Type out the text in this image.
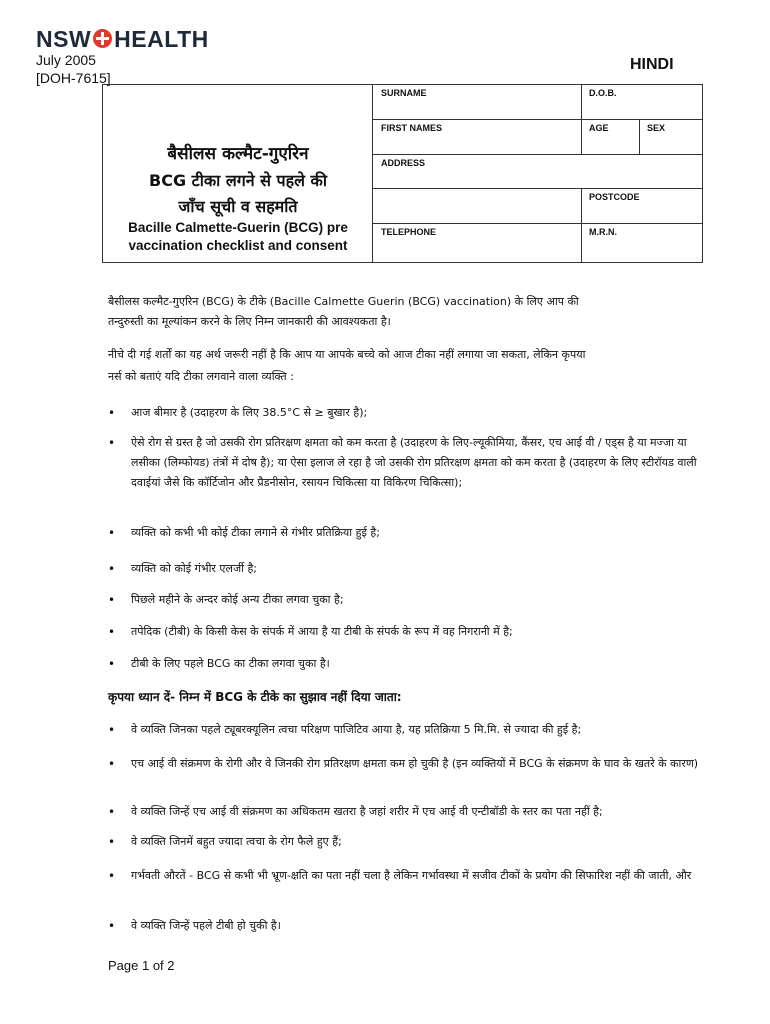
NSW HEALTH
July 2005
[DOH-7615]
HINDI
बैसीलस कल्मैट-गुएरिन
BCG टीका लगने से पहले की
जाँच सूची व सहमति
Bacille Calmette-Guerin (BCG) pre vaccination checklist and consent
SURNAME	D.O.B.
FIRST NAMES	AGE	SEX
ADDRESS
POSTCODE
TELEPHONE	M.R.N.
बैसीलस कल्मैट-गुएरिन (BCG) के टीके (Bacille Calmette Guerin (BCG) vaccination) के लिए आप की
तन्दुरुस्ती का मूल्यांकन करने के लिए निम्न जानकारी की आवश्यकता है।
नीचे दी गई शर्तों का यह अर्थ जरूरी नहीं है कि आप या आपके बच्चे को आज टीका नहीं लगाया जा सकता, लेकिन कृपया
नर्स को बताएं यदि टीका लगवाने वाला व्यक्ति :
• आज बीमार है (उदाहरण के लिए 38.5°C से ≥ बुखार है);
• ऐसे रोग से ग्रस्त है जो उसकी रोग प्रतिरक्षण क्षमता को कम करता है (उदाहरण के लिए-ल्यूकीमिया, कैंसर, एच आई वी / एड्स है या मज्जा या लसीका (लिम्फोयड) तंत्रों में दोष है); या ऐसा इलाज ले रहा है जो उसकी रोग प्रतिरक्षण क्षमता को कम करता है (उदाहरण के लिए स्टीरॉयड वाली दवाईयां जैसे कि कॉर्टिजोन और प्रैडनीसोन, रसायन चिकित्सा या विकिरण चिकित्सा);
• व्यक्ति को कभी भी कोई टीका लगाने से गंभीर प्रतिक्रिया हुई है;
• व्यक्ति को कोई गंभीर एलर्जी है;
• पिछले महीने के अन्दर कोई अन्य टीका लगवा चुका है;
• तपेदिक (टीबी) के किसी केस के संपर्क में आया है या टीबी के संपर्क के रूप में वह निगरानी में है;
• टीबी के लिए पहले BCG का टीका लगवा चुका है।
कृपया ध्यान दें- निम्न में BCG के टीके का सुझाव नहीं दिया जाता:
• वे व्यक्ति जिनका पहले ट्यूबरक्यूलिन त्वचा परिक्षण पाजिटिव आया है, यह प्रतिक्रिया 5 मि.मि. से ज्यादा की हुई है;
• एच आई वी संक्रमण के रोगी और वे जिनकी रोग प्रतिरक्षण क्षमता कम हो चुकी है (इन व्यक्तियों में BCG के संक्रमण के घाव के खतरे के कारण)
• वे व्यक्ति जिन्हें एच आई वी संक्रमण का अधिकतम खतरा है जहां शरीर में एच आई वी एन्टीबॉडी के स्तर का पता नहीं है;
• वे व्यक्ति जिनमें बहुत ज्यादा त्वचा के रोग फैले हुए हैं;
• गर्भवती औरतें - BCG से कभी भी भ्रूण-क्षति का पता नहीं चला है लेकिन गर्भावस्था में सजीव टीकों के प्रयोग की सिफारिश नहीं की जाती, और
• वे व्यक्ति जिन्हें पहले टीबी हो चुकी है।
Page 1 of 2
